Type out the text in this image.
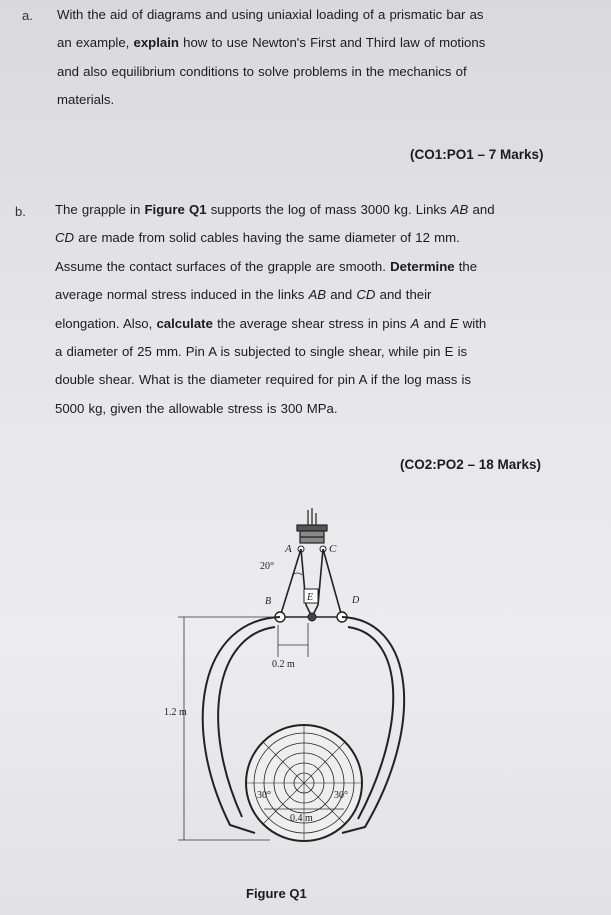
a. With the aid of diagrams and using uniaxial loading of a prismatic bar as
an example, explain how to use Newton's First and Third law of motions
and also equilibrium conditions to solve problems in the mechanics of
materials.
(CO1:PO1 – 7 Marks)
b. The grapple in Figure Q1 supports the log of mass 3000 kg. Links AB and
CD are made from solid cables having the same diameter of 12 mm.
Assume the contact surfaces of the grapple are smooth. Determine the
average normal stress induced in the links AB and CD and their
elongation. Also, calculate the average shear stress in pins A and E with
a diameter of 25 mm. Pin A is subjected to single shear, while pin E is
double shear. What is the diameter required for pin A if the log mass is
5000 kg, given the allowable stress is 300 MPa.
(CO2:PO2 – 18 Marks)
A	C
20°
B	E	D
0.2 m
1.2 m
30°	30°
0.4 m
Figure Q1
